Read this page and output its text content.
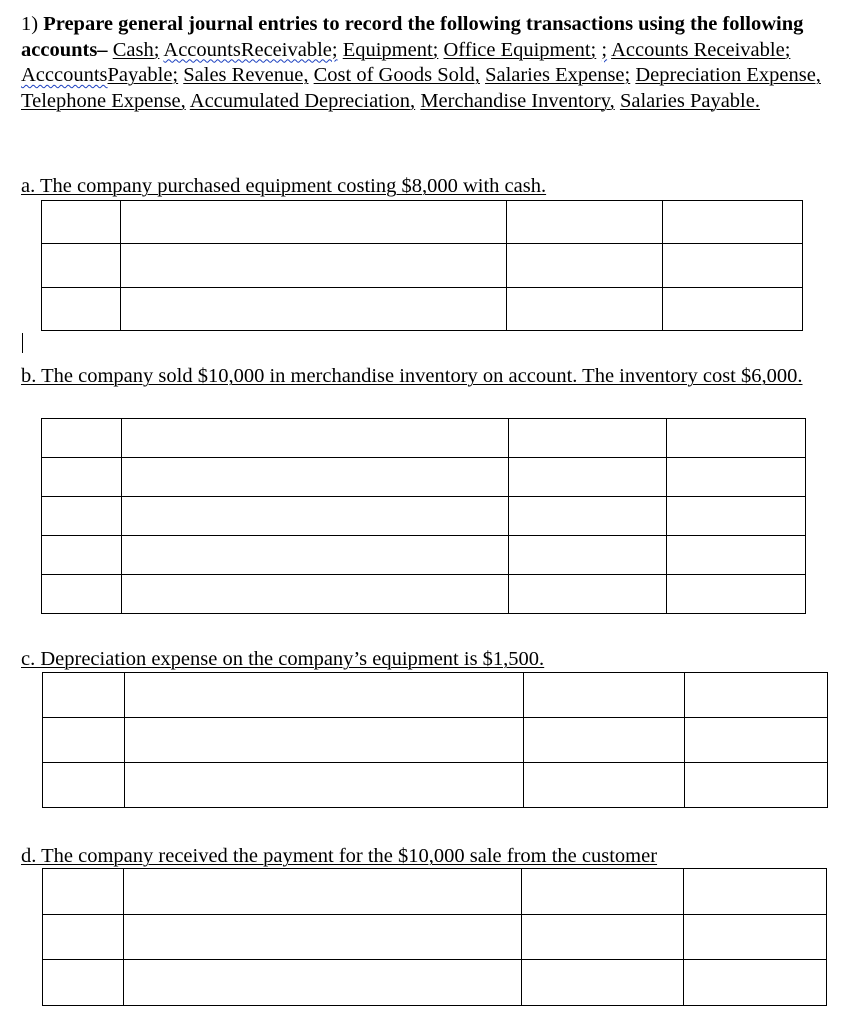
1) Prepare general journal entries to record the following transactions using the following accounts– Cash; AccountsReceivable; Equipment; Office Equipment; ; Accounts Receivable; AcccountsPayable; Sales Revenue, Cost of Goods Sold, Salaries Expense; Depreciation Expense, Telephone Expense, Accumulated Depreciation, Merchandise Inventory, Salaries Payable.

a. The company purchased equipment costing $8,000 with cash.

b. The company sold $10,000 in merchandise inventory on account. The inventory cost $6,000.

c. Depreciation expense on the company’s equipment is $1,500.

d. The company received the payment for the $10,000 sale from the customer
